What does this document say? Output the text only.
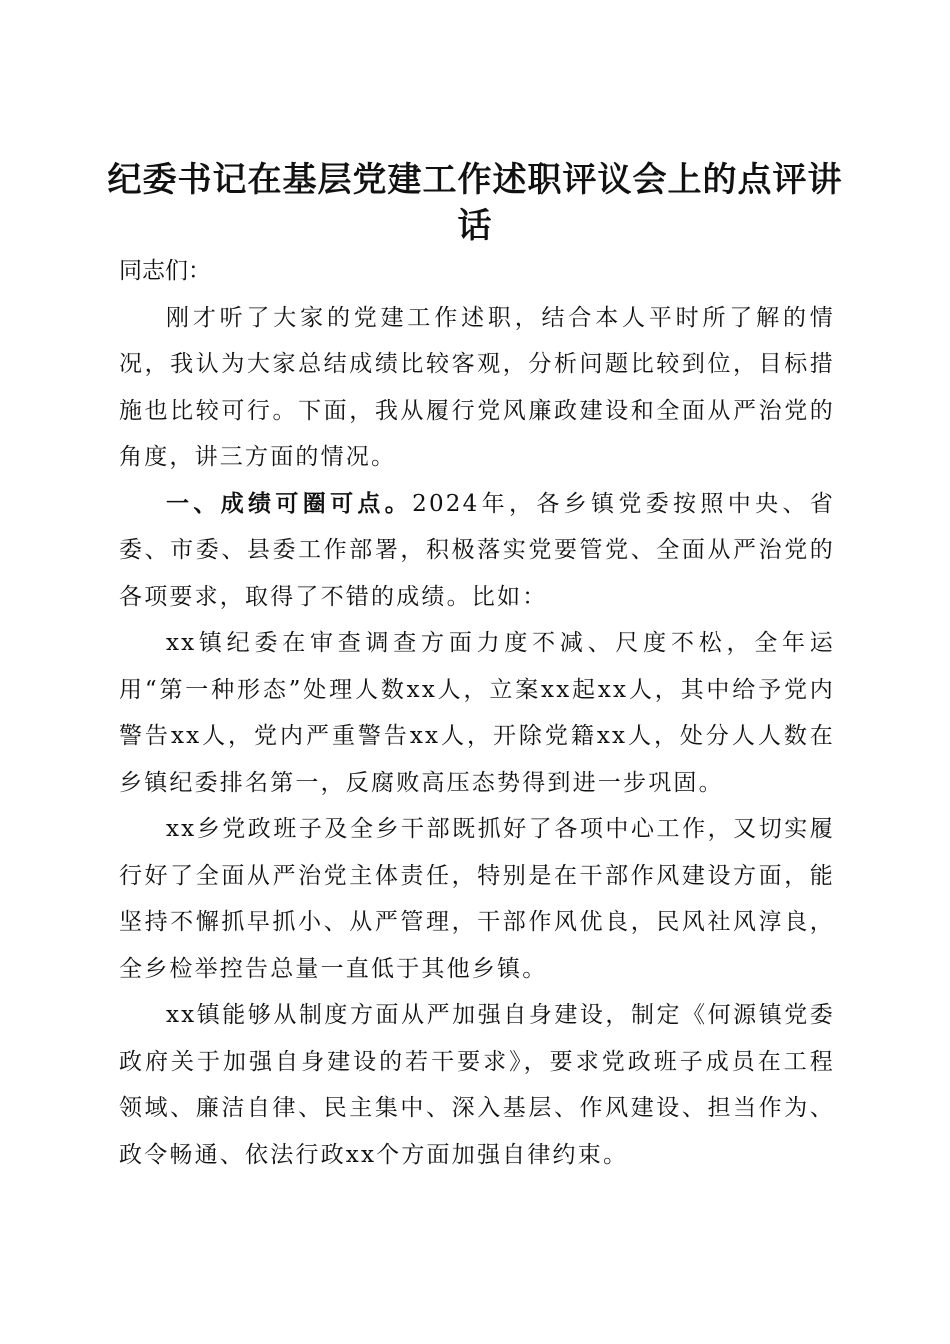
纪委书记在基层党建工作述职评议会上的点评讲话

同志们：

刚才听了大家的党建工作述职，结合本人平时所了解的情况，我认为大家总结成绩比较客观，分析问题比较到位，目标措施也比较可行。下面，我从履行党风廉政建设和全面从严治党的角度，讲三方面的情况。

一、成绩可圈可点。2024年，各乡镇党委按照中央、省委、市委、县委工作部署，积极落实党要管党、全面从严治党的各项要求，取得了不错的成绩。比如：

xx镇纪委在审查调查方面力度不减、尺度不松，全年运用“第一种形态”处理人数xx人，立案xx起xx人，其中给予党内警告xx人，党内严重警告xx人，开除党籍xx人，处分人人数在乡镇纪委排名第一，反腐败高压态势得到进一步巩固。

xx乡党政班子及全乡干部既抓好了各项中心工作，又切实履行好了全面从严治党主体责任，特别是在干部作风建设方面，能坚持不懈抓早抓小、从严管理，干部作风优良，民风社风淳良，全乡检举控告总量一直低于其他乡镇。

xx镇能够从制度方面从严加强自身建设，制定《何源镇党委政府关于加强自身建设的若干要求》，要求党政班子成员在工程领域、廉洁自律、民主集中、深入基层、作风建设、担当作为、政令畅通、依法行政xx个方面加强自律约束。
